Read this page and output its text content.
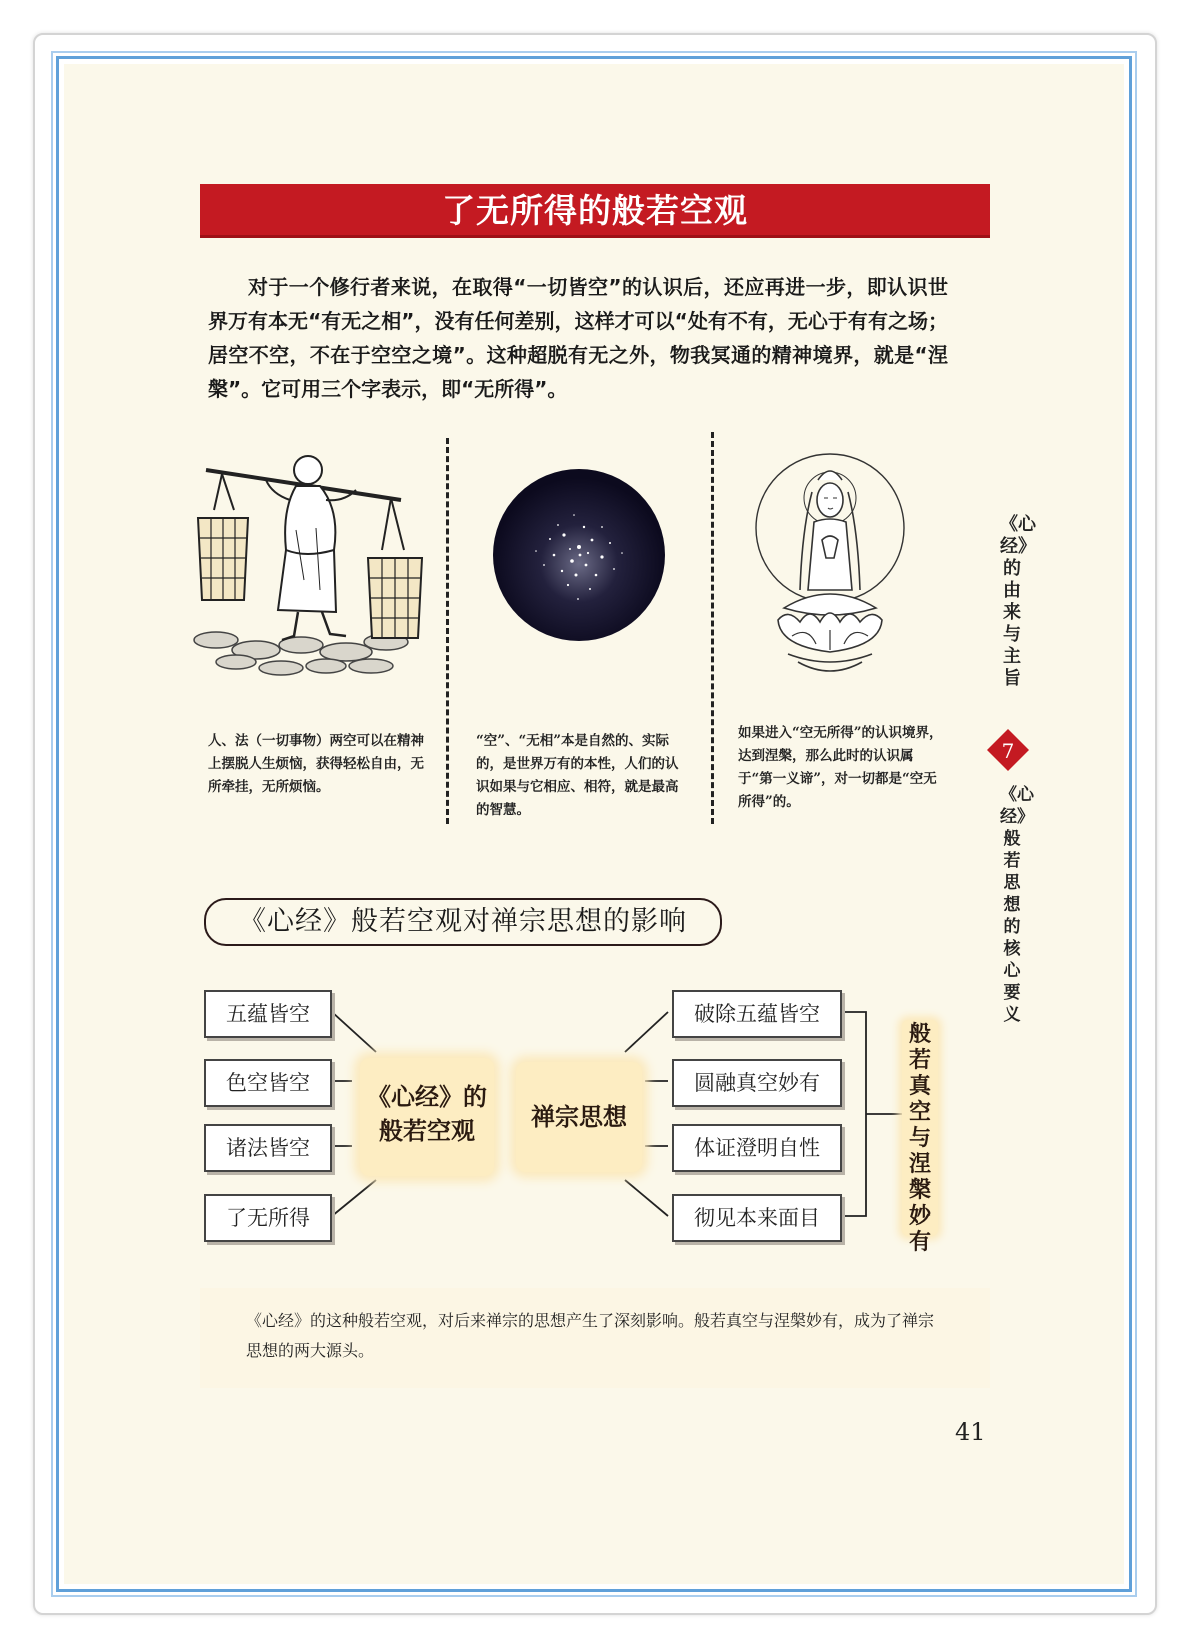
了无所得的般若空观

对于一个修行者来说，在取得“一切皆空”的认识后，还应再进一步，即认识世界万有本无“有无之相”，没有任何差别，这样才可以“处有不有，无心于有有之场；居空不空，不在于空空之境”。这种超脱有无之外，物我冥通的精神境界，就是“涅槃”。它可用三个字表示，即“无所得”。

人、法（一切事物）两空可以在精神上摆脱人生烦恼，获得轻松自由，无所牵挂，无所烦恼。
“空”、“无相”本是自然的、实际的，是世界万有的本性，人们的认识如果与它相应、相符，就是最高的智慧。
如果进入“空无所得”的认识境界，达到涅槃，那么此时的认识属于“第一义谛”，对一切都是“空无所得”的。
《心经》的由来与主旨
7
《心经》般若思想的核心要义
《心经》般若空观对禅宗思想的影响
五蕴皆空
色空皆空
诸法皆空
了无所得
《心经》的
般若空观	禅宗思想
破除五蕴皆空
圆融真空妙有
体证澄明自性
彻见本来面目
般若真空与涅槃妙有
《心经》的这种般若空观，对后来禅宗的思想产生了深刻影响。般若真空与涅槃妙有，成为了禅宗思想的两大源头。
41
